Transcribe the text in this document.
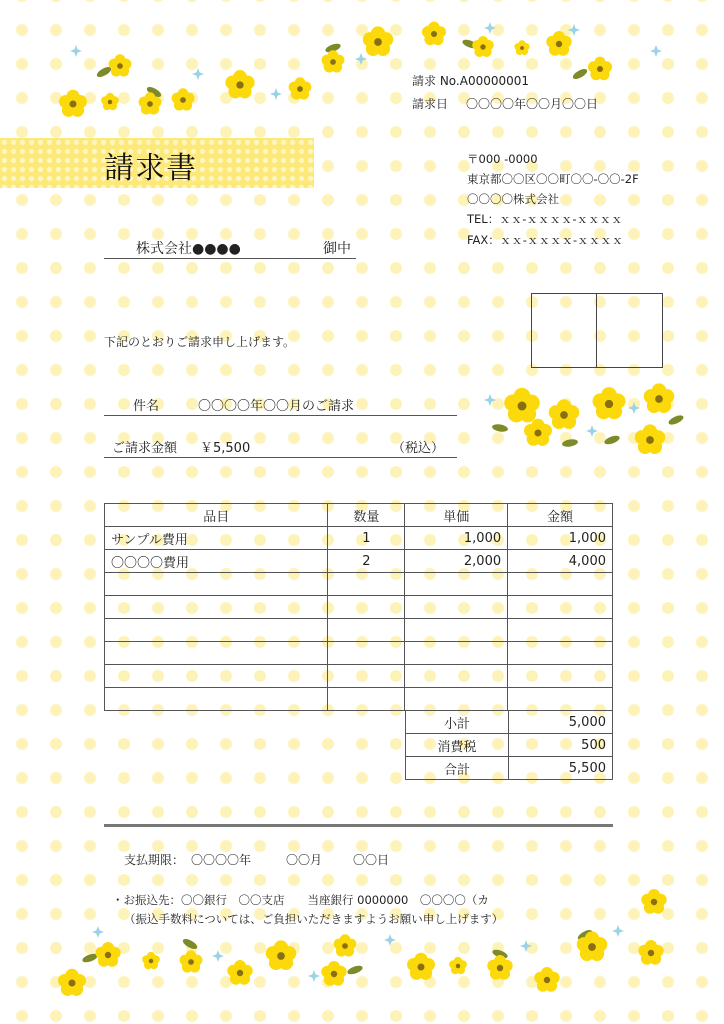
請求 No.A00000001
請求日 〇〇〇〇年〇〇月〇〇日
請求書	〒000 -0000
東京都〇〇区〇〇町〇〇-〇〇-2F
〇〇〇〇株式会社
TEL：ｘｘ-ｘｘｘｘ-ｘｘｘｘ
FAX：ｘｘ-ｘｘｘｘ-ｘｘｘｘ
株式会社●●●●	御中
下記のとおりご請求申し上げます。
件名	〇〇〇〇年〇〇月のご請求
ご請求金額 ￥5,500	（税込）
品目	数量	単価	金額
サンプル費用	1	1,000	1,000
〇〇〇〇費用	2	2,000	4,000

小計	5,000
消費税	500
合計	5,500
支払期限： 〇〇〇〇年	〇〇月	〇〇日
・お振込先：〇〇銀行　〇〇支店　　当座銀行 0000000　〇〇〇〇（カ
（振込手数料については、ご負担いただきますようお願い申し上げます）
